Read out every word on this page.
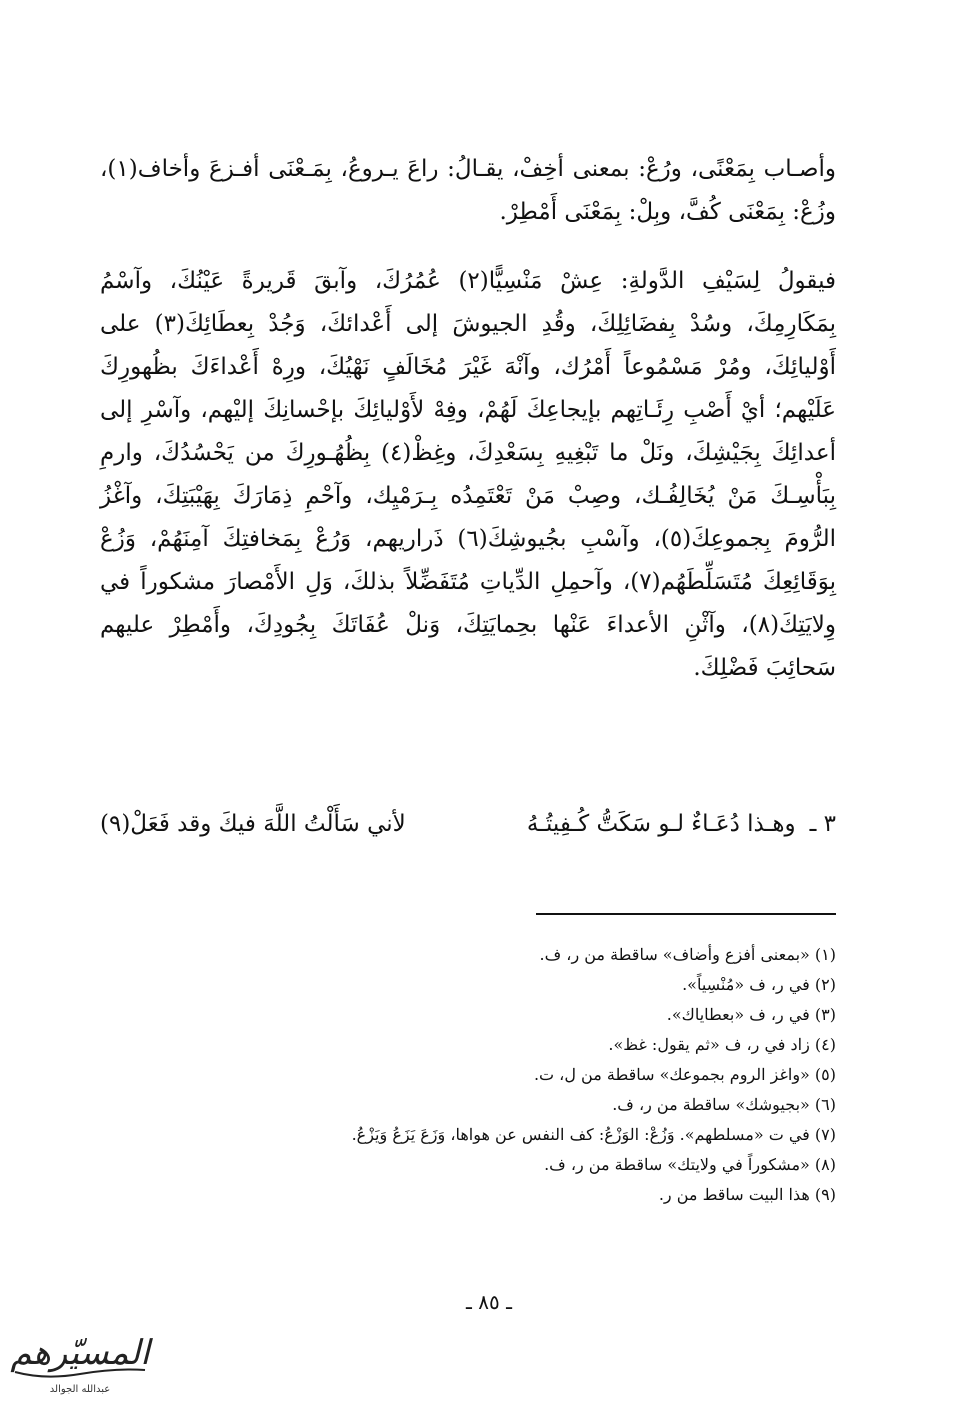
وأصـاب بِمَعْنًى، ورُعْ: بمعنى أخِفْ، يقـالُ: راعَ يـروعُ، بِمَـعْنَى أفـزعَ وأخاف(١)، وزُعْ: بِمَعْنَى كُفَّ، وبِلْ: بِمَعْنَى أَمْطِرْ.

فيقولُ لِسَيْفِ الدَّولةِ: عِشْ مَنْسِيًّا(٢) عُمُرُكَ، وآبقَ قَريرةً عَيْنُكَ، وآسْمُ بِمَكَارِمِكَ، وسُدْ بِفضَائِلِكَ، وقُدِ الجيوشَ إلى أَعْدائكَ، وَجُدْ بِعطَائِكَ(٣) على أَوْليائِكَ، ومُرْ مَسْمُوعاً أَمْرُك، وآنْهَ غَيْرَ مُخَالَفٍ نَهْيُكَ، ورِهْ أَعْداءَكَ بظُهورِكَ عَلَيْهم؛ أيْ أَصْبِ رِئَـاتِهم بإيجاعِكَ لَهُمْ، وفِهْ لأَوْليائِكَ بإحْسانِكَ إليْهم، وآسْرِ إلى أعدائِكَ بِجَيْشِكَ، ونَلْ ما تَبْغِيهِ بِسَعْدِكَ، وغِظْ(٤) بِظُهُـورِكَ من يَحْسُدُكَ، وارمِ بِبَأْسِـكَ مَنْ يُخَالِفُـك، وصِبْ مَنْ تَعْتَمِدُه بِـرَمْيِك، وآحْمِ ذِمَارَكَ بِهَيْبَتِكَ، وآغْزُ الرُّومَ بِجموعِكَ(٥)، وآسْبِ بجُيوشِكَ(٦) ذَراريهم، وَرُعْ بِمَخافتِكَ آمِنَهُمْ، وَزُعْ بِوَقَائِعِكَ مُتَسَلِّطَهُم(٧)، وآحمِلِ الدِّياتِ مُتَفَضِّلاً بذلكَ، وَلِ الأَمْصارَ مشكوراً في وِلايَتِكَ(٨)، وآثْنِ الأعداءَ عَنْها بحِمايَتِكَ، وَنلْ عُفَاتَكَ بِجُودِكَ، وأَمْطِرْ عليهم سَحائِبَ فَضْلِكَ.

٣ ـ
وهـذا دُعَـاءٌ لـو سَكَتُّ كُـفِيتُـهُ
لأني سَأَلْتُ اللَّهَ فيكَ وقد فَعَلْ(٩)
(١) «بمعنى أفزع وأضاف» ساقطة من ر، ف.
(٢) في ر، ف «مُنْسِياً».
(٣) في ر، ف «بعطاياك».
(٤) زاد في ر، ف «ثم يقول: غظ».
(٥) «واغز الروم بجموعك» ساقطة من ل، ت.
(٦) «بجيوشك» ساقطة من ر، ف.
(٧) في ت «مسلطهم». وَزُعْ: الوَزْعُ: كف النفس عن هواها، وَزَعَ يَزَعُ وَيَزْعُ.
(٨) «مشكوراً في ولايتك» ساقطة من ر، ف.
(٩) هذا البيت ساقط من ر.
ـ ٨٥ ـ
المسيّرهم
عبدالله الجوالد
